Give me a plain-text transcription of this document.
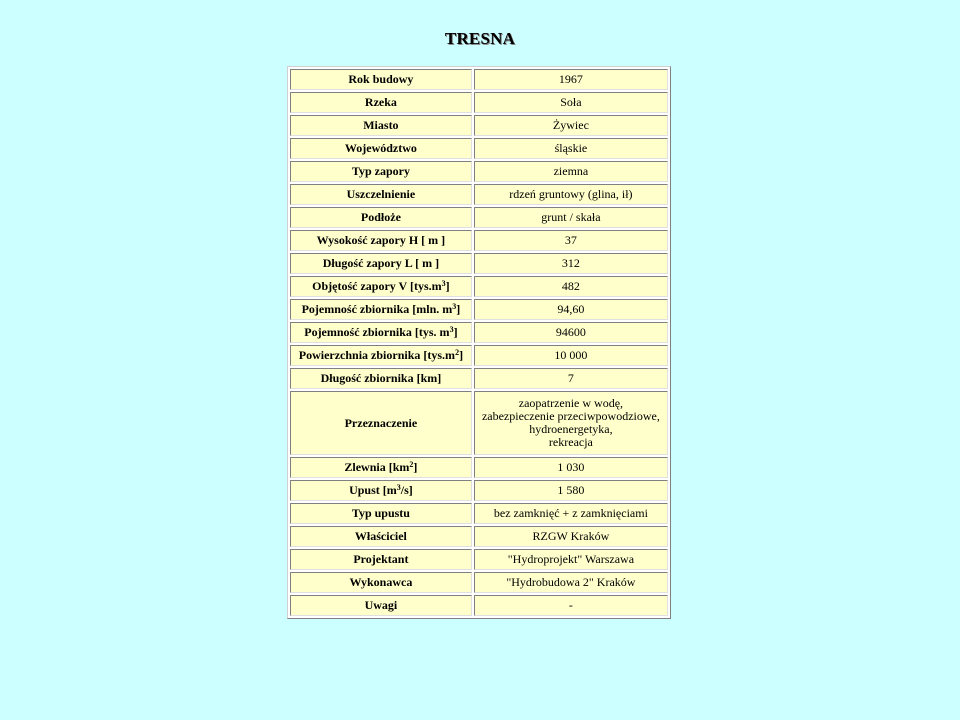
TRESNA
Rok budowy	1967
Rzeka	Soła
Miasto	Żywiec
Województwo	śląskie
Typ zapory	ziemna
Uszczelnienie	rdzeń gruntowy (glina, ił)
Podłoże	grunt / skała
Wysokość zapory H [ m ]	37
Długość zapory L [ m ]	312
Objętość zapory V $[tys.m^3]$	482
Pojemność zbiornika [mln. $m^3$]	94,60
Pojemność zbiornika [tys. $m^3$]	94600
Powierzchnia zbiornika $[tys.m^2]$	10 000
Długość zbiornika [km]	7
Przeznaczenie	zaopatrzenie w wodę,
zabezpieczenie przeciwpowodziowe,
hydroenergetyka,
rekreacja

Zlewnia $[km^2]$	1 030
Upust $[m^3/s]$	1 580
Typ upustu	bez zamknięć + z zamknięciami
Właściciel	RZGW Kraków
Projektant	"Hydroprojekt" Warszawa
Wykonawca	"Hydrobudowa 2" Kraków
Uwagi	-
